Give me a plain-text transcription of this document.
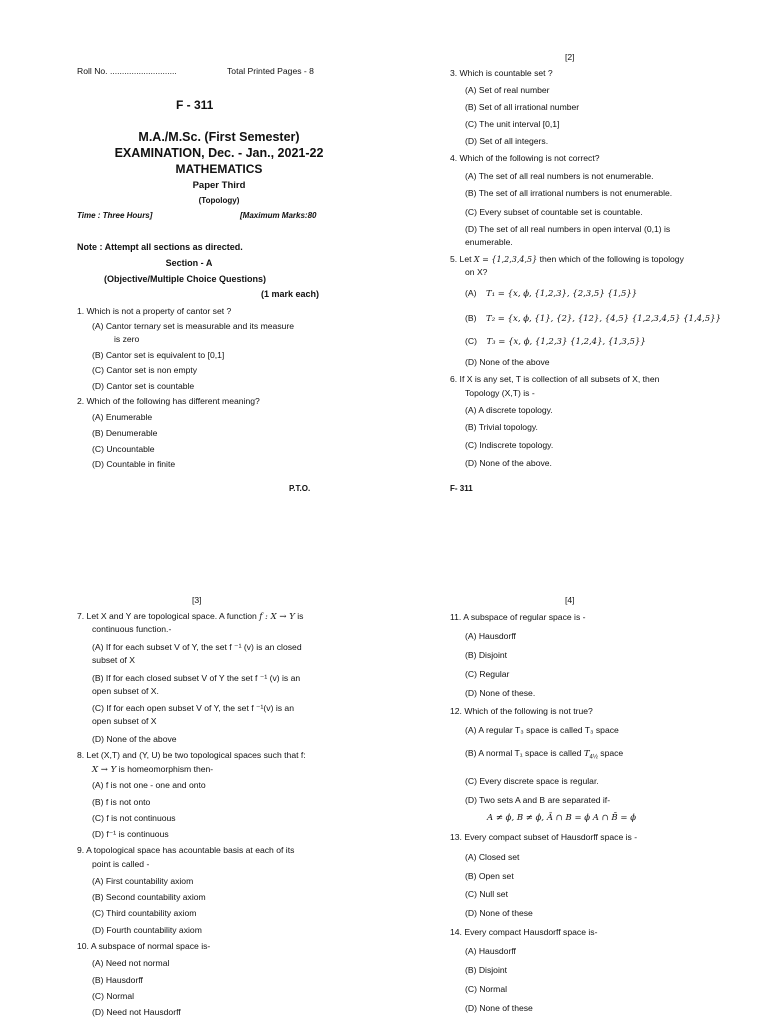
Roll No. ............................	Total Printed Pages - 8
F - 311
M.A./M.Sc. (First Semester)
EXAMINATION, Dec. - Jan., 2021-22
MATHEMATICS
Paper Third
(Topology)
Time : Three Hours]	[Maximum Marks:80
Note : Attempt all sections as directed.
Section - A
(Objective/Multiple Choice Questions)
(1 mark each)
1. Which is not a property of cantor set ?
(A) Cantor ternary set is measurable and its measure
is zero
(B) Cantor set is equivalent to [0,1]
(C) Cantor set is non empty
(D) Cantor set is countable
2. Which of the following has different meaning?
(A) Enumerable
(B) Denumerable
(C) Uncountable
(D) Countable in finite
P.T.O.
[2]
3. Which is countable set ?
(A) Set of real number
(B) Set of all irrational number
(C) The unit interval [0,1]
(D) Set of all integers.
4. Which of the following is not correct?
(A) The set of all real numbers is not enumerable.
(B) The set of all irrational numbers is not enumerable.
(C) Every subset of countable set is countable.
(D) The set of all real numbers in open interval (0,1) is
enumerable.
5. Let X = {1,2,3,4,5} then which of the following is topology
on X?
(A) T₁ = {x, ϕ, {1,2,3}, {2,3,5} {1,5}}
(B) T₂ = {x, ϕ, {1}, {2}, {12}, {4,5} {1,2,3,4,5} {1,4,5}}
(C) T₃ = {x, ϕ, {1,2,3} {1,2,4}, {1,3,5}}
(D) None of the above
6. If X is any set, T is collection of all subsets of X, then
Topology (X,T) is -
(A) A discrete topology.
(B) Trivial topology.
(C) Indiscrete topology.
(D) None of the above.
F- 311
[3]
7. Let X and Y are topological space. A function f : X → Y is
continuous function.-
(A) If for each subset V of Y, the set f ⁻¹ (v) is an closed
subset of X
(B) If for each closed subset V of Y the set f ⁻¹ (v) is an
open subset of X.
(C) If for each open subset V of Y, the set f ⁻¹(v) is an
open subset of X
(D) None of the above
8. Let (X,T) and (Y, U) be two topological spaces such that f:
X → Y is homeomorphism then-
(A) f is not one - one and onto
(B) f is not onto
(C) f is not continuous
(D) f⁻¹ is continuous
9. A topological space has acountable basis at each of its
point is called -
(A) First countability axiom
(B) Second countability axiom
(C) Third countability axiom
(D) Fourth countability axiom
10. A subspace of normal space is-
(A) Need not normal
(B) Hausdorff
(C) Normal
(D) Need not Hausdorff
[4]
11. A subspace of regular space is -
(A) Hausdorff
(B) Disjoint
(C) Regular
(D) None of these.
12. Which of the following is not true?
(A) A regular T₃ space is called T₃ space
(B) A normal T₁ space is called $T_{4\frac{1}{2}}$ space
(C) Every discrete space is regular.
(D) Two sets A and B are separated if-
A ≠ ϕ, B ≠ ϕ, Ā ∩ B = ϕ A ∩ B̄ = ϕ
13. Every compact subset of Hausdorff space is -
(A) Closed set
(B) Open set
(C) Null set
(D) None of these
14. Every compact Hausdorff space is-
(A) Hausdorff
(B) Disjoint
(C) Normal
(D) None of these
